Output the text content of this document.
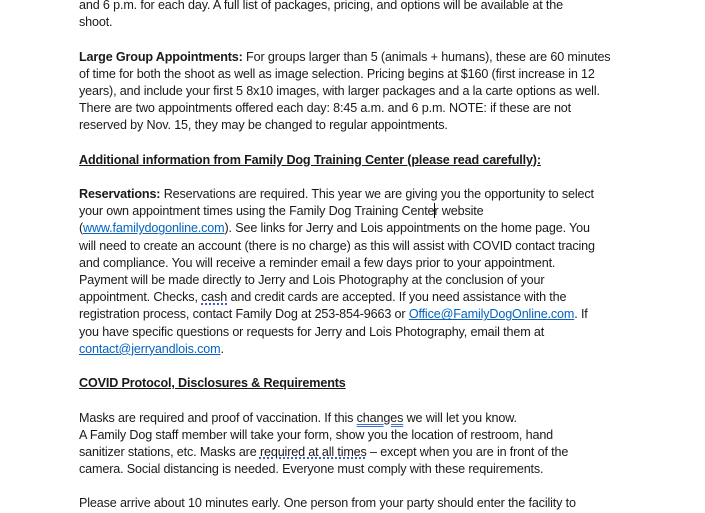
and 6 p.m. for each day. A full list of packages, pricing, and options will be available at the
shoot.
Large Group Appointments: For groups larger than 5 (animals + humans), these are 60 minutes
of time for both the shoot as well as image selection. Pricing begins at $160 (first increase in 12
years), and include your first 5 8x10 images, with larger packages and a la carte options as well.
There are two appointments offered each day: 8:45 a.m. and 6 p.m. NOTE: if these are not
reserved by Nov. 15, they may be changed to regular appointments.
Additional information from Family Dog Training Center (please read carefully):
Reservations: Reservations are required. This year we are giving you the opportunity to select
your own appointment times using the Family Dog Training Center website
(www.familydogonline.com). See links for Jerry and Lois appointments on the home page. You
will need to create an account (there is no charge) as this will assist with COVID contact tracing
and compliance. You will receive a reminder email a few days prior to your appointment.
Payment will be made directly to Jerry and Lois Photography at the conclusion of your
appointment. Checks, cash and credit cards are accepted. If you need assistance with the
registration process, contact Family Dog at 253-854-9663 or Office@FamilyDogOnline.com. If
you have specific questions or requests for Jerry and Lois Photography, email them at
contact@jerryandlois.com.
COVID Protocol, Disclosures & Requirements
Masks are required and proof of vaccination. If this changes we will let you know.
A Family Dog staff member will take your form, show you the location of restroom, hand
sanitizer stations, etc. Masks are required at all times – except when you are in front of the
camera. Social distancing is needed. Everyone must comply with these requirements.
Please arrive about 10 minutes early. One person from your party should enter the facility to
